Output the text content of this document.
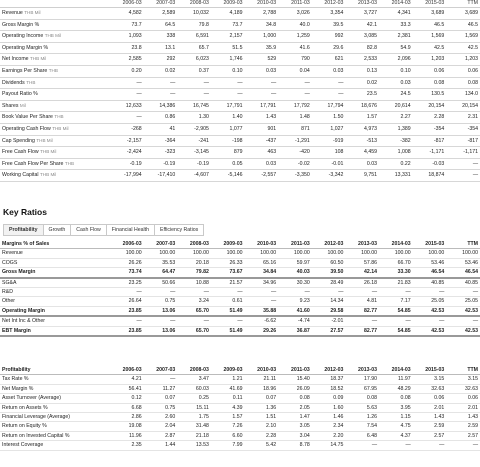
	2006-03	2007-03	2008-03	2009-03	2010-03	2011-03	2012-03	2013-03	2014-03	2015-03	TTM
Revenue THB Mil	4,582	2,589	10,032	4,189	2,788	3,026	3,354	3,727	4,341	3,689	3,689
Gross Margin %	73.7	64.5	79.8	73.7	34.8	40.0	39.5	42.1	33.3	46.5	46.5
Operating Income THB Mil	1,093	338	6,591	2,157	1,000	1,259	992	3,085	2,381	1,569	1,569
Operating Margin %	23.8	13.1	65.7	51.5	35.9	41.6	29.6	82.8	54.9	42.5	42.5
Net Income THB Mil	2,585	292	6,023	1,746	529	790	621	2,533	2,096	1,203	1,203
Earnings Per Share THB	0.20	0.02	0.37	0.10	0.03	0.04	0.03	0.13	0.10	0.06	0.06
Dividends THB	—	—	—	—	—	—	—	0.02	0.03	0.08	0.08
Payout Ratio %	—	—	—	—	—	—	—	23.5	24.5	130.5	134.0
Shares Mil	12,633	14,386	16,745	17,791	17,791	17,792	17,794	18,676	20,614	20,154	20,154
Book Value Per Share THB	—	0.86	1.30	1.40	1.43	1.48	1.50	1.57	2.27	2.28	2.31
Operating Cash Flow THB Mil	-268	41	-2,905	1,077	901	871	1,027	4,973	1,389	-354	-354
Cap Spending THB Mil	-2,157	-364	-241	-198	-437	-1,291	-919	-513	-382	-817	-817
Free Cash Flow THB Mil	-2,424	-323	-3,145	879	463	-420	108	4,459	1,008	-1,171	-1,171
Free Cash Flow Per Share THB	-0.19	-0.19	-0.19	0.05	0.03	-0.02	-0.01	0.03	0.22	-0.03	—
Working Capital THB Mil	-17,994	-17,410	-4,607	-5,146	-2,557	-3,350	-3,342	9,751	13,331	18,874	—
Key Ratios
Profitability	Growth	Cash Flow	Financial Health	Efficiency Ratios
Margins % of Sales	2006-03	2007-03	2008-03	2009-03	2010-03	2011-03	2012-03	2013-03	2014-03	2015-03	TTM
Revenue	100.00	100.00	100.00	100.00	100.00	100.00	100.00	100.00	100.00	100.00	100.00
COGS	26.26	35.53	20.18	26.33	65.16	59.97	60.50	57.86	66.70	53.46	53.46
Gross Margin	73.74	64.47	79.82	73.67	34.84	40.03	39.50	42.14	33.30	46.54	46.54
SG&A	23.25	50.66	10.88	21.57	34.96	30.30	28.49	26.18	21.83	40.85	40.85
R&D	—	—	—	—	—	—	—	—	—	—	—
Other	26.64	0.75	3.24	0.61	—	9.23	14.34	4.81	7.17	25.05	25.05
Operating Margin	23.85	13.06	65.70	51.49	35.88	41.60	29.58	82.77	54.85	42.53	42.53
Net Int Inc & Other	—	—	—	—	-6.62	-4.74	-2.01	—	—	—	—
EBT Margin	23.85	13.06	65.70	51.49	29.26	36.87	27.57	82.77	54.85	42.53	42.53
Profitability	2006-03	2007-03	2008-03	2009-03	2010-03	2011-03	2012-03	2013-03	2014-03	2015-03	TTM
Tax Rate %	4.21	—	3.47	1.21	21.11	15.40	18.37	17.90	11.97	3.15	3.15
Net Margin %	56.41	11.27	60.03	41.69	18.96	26.09	18.52	67.95	48.29	32.63	32.63
Asset Turnover (Average)	0.12	0.07	0.25	0.11	0.07	0.08	0.09	0.08	0.08	0.06	0.06
Return on Assets %	6.68	0.75	15.11	4.39	1.36	2.05	1.60	5.63	3.95	2.01	2.01
Financial Leverage (Average)	2.86	2.60	1.75	1.57	1.51	1.47	1.46	1.26	1.15	1.43	1.43
Return on Equity %	19.08	2.04	31.48	7.26	2.10	3.05	2.34	7.54	4.75	2.59	2.59
Return on Invested Capital %	11.96	2.87	21.18	6.60	2.28	3.04	2.20	6.48	4.37	2.57	2.57
Interest Coverage	2.35	1.44	13.53	7.99	5.42	8.78	14.75	—	—	—	—
